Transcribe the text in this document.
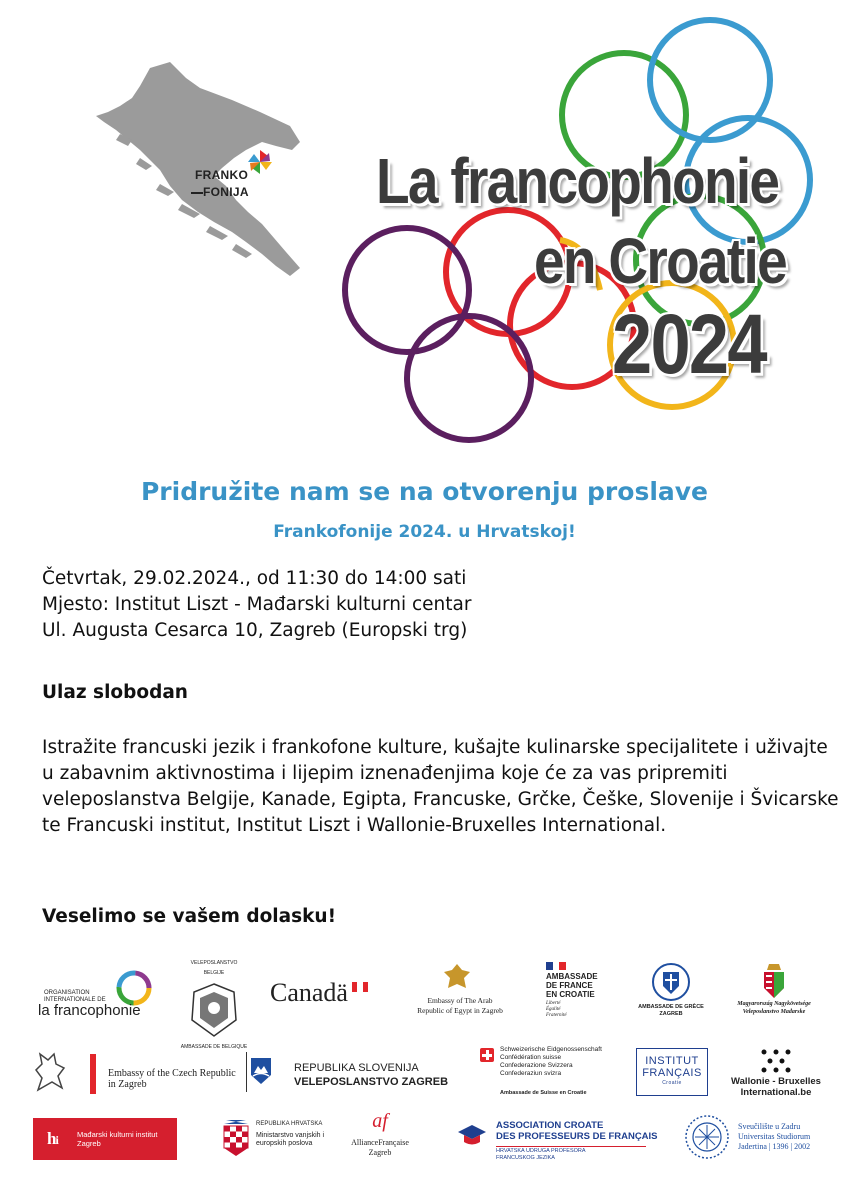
FRANKO
FONIJA La francophonie
en Croatie
2024
Pridružite nam se na otvorenju proslave
Frankofonije 2024. u Hrvatskoj!
Četvrtak, 29.02.2024., od 11:30 do 14:00 sati
Mjesto: Institut Liszt - Mađarski kulturni centar
Ul. Augusta Cesarca 10, Zagreb (Europski trg)
Ulaz slobodan
Istražite francuski jezik i frankofone kulture, kušajte kulinarske specijalitete i uživajte u zabavnim aktivnostima i lijepim iznenađenjima koje će za vas pripremiti veleposlanstva Belgije, Kanade, Egipta, Francuske, Grčke, Češke, Slovenije i Švicarske te Francuski institut, Institut Liszt i Wallonie-Bruxelles International.
Veselimo se vašem dolasku!
ORGANISATION
INTERNATIONALE DE
la francophonie
VELEPOSLANSTVO BELGIJE
AMBASSADE DE BELGIQUE
Canadä	Embassy of The Arab
Republic of Egypt in Zagreb
AMBASSADE
DE FRANCE
EN CROATIE
Liberté
Égalité
Fraternité
AMBASSADE DE GRÈCE
ZAGREB
Magyarország Nagykövetsége
Veleposlanstvo Mađarske
Embassy of the Czech Republic
in Zagreb
REPUBLIKA SLOVENIJA
VELEPOSLANSTVO ZAGREB
Schweizerische Eidgenossenschaft
Confédération suisse
Confederazione Svizzera
Confederaziun svizra
Ambassade de Suisse en Croatie
INSTITUT
FRANÇAIS
Croatie	Wallonie - Bruxelles
International.be
hi	Mađarski kulturni institut
Zagreb
REPUBLIKA HRVATSKA
Ministarstvo vanjskih i
europskih poslova
af
AllianceFrançaise
Zagreb
ASSOCIATION CROATE
DES PROFESSEURS DE FRANÇAIS
HRVATSKA UDRUGA PROFESORA
FRANCUSKOG JEZIKA
Sveučilište u Zadru
Universitas Studiorum
Jadertina | 1396 | 2002
